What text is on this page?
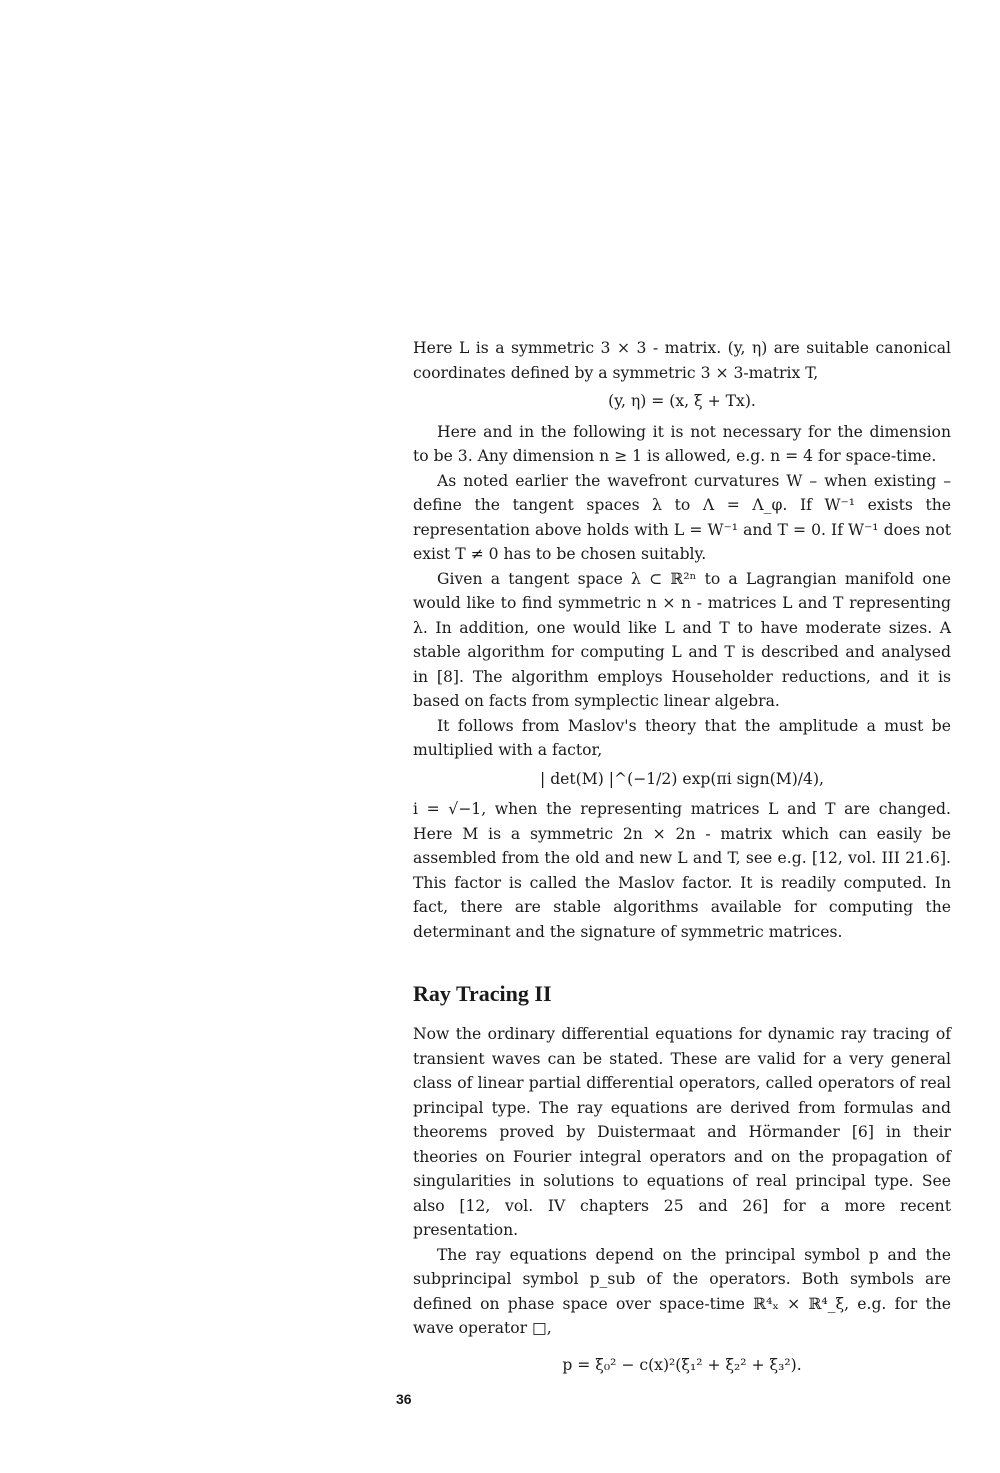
Here L is a symmetric 3 × 3 - matrix. (y, η) are suitable canonical coordinates defined by a symmetric 3 × 3-matrix T,

(y, η) = (x, ξ + Tx).

Here and in the following it is not necessary for the dimension to be 3. Any dimension n ≥ 1 is allowed, e.g. n = 4 for space-time.

As noted earlier the wavefront curvatures W – when existing – define the tangent spaces λ to Λ = Λ_φ. If W⁻¹ exists the representation above holds with L = W⁻¹ and T = 0. If W⁻¹ does not exist T ≠ 0 has to be chosen suitably.

Given a tangent space λ ⊂ ℝ²ⁿ to a Lagrangian manifold one would like to find symmetric n × n - matrices L and T representing λ. In addition, one would like L and T to have moderate sizes. A stable algorithm for computing L and T is described and analysed in [8]. The algorithm employs Householder reductions, and it is based on facts from symplectic linear algebra.

It follows from Maslov's theory that the amplitude a must be multiplied with a factor,

| det(M) |^(−1/2) exp(πi sign(M)/4),

i = √−1, when the representing matrices L and T are changed. Here M is a symmetric 2n × 2n - matrix which can easily be assembled from the old and new L and T, see e.g. [12, vol. III 21.6]. This factor is called the Maslov factor. It is readily computed. In fact, there are stable algorithms available for computing the determinant and the signature of symmetric matrices.

Ray Tracing II

Now the ordinary differential equations for dynamic ray tracing of transient waves can be stated. These are valid for a very general class of linear partial differential operators, called operators of real principal type. The ray equations are derived from formulas and theorems proved by Duistermaat and Hörmander [6] in their theories on Fourier integral operators and on the propagation of singularities in solutions to equations of real principal type. See also [12, vol. IV chapters 25 and 26] for a more recent presentation.

The ray equations depend on the principal symbol p and the subprincipal symbol p_sub of the operators. Both symbols are defined on phase space over space-time ℝ⁴ₓ × ℝ⁴_ξ, e.g. for the wave operator □,

p = ξ₀² − c(x)²(ξ₁² + ξ₂² + ξ₃²).
36
